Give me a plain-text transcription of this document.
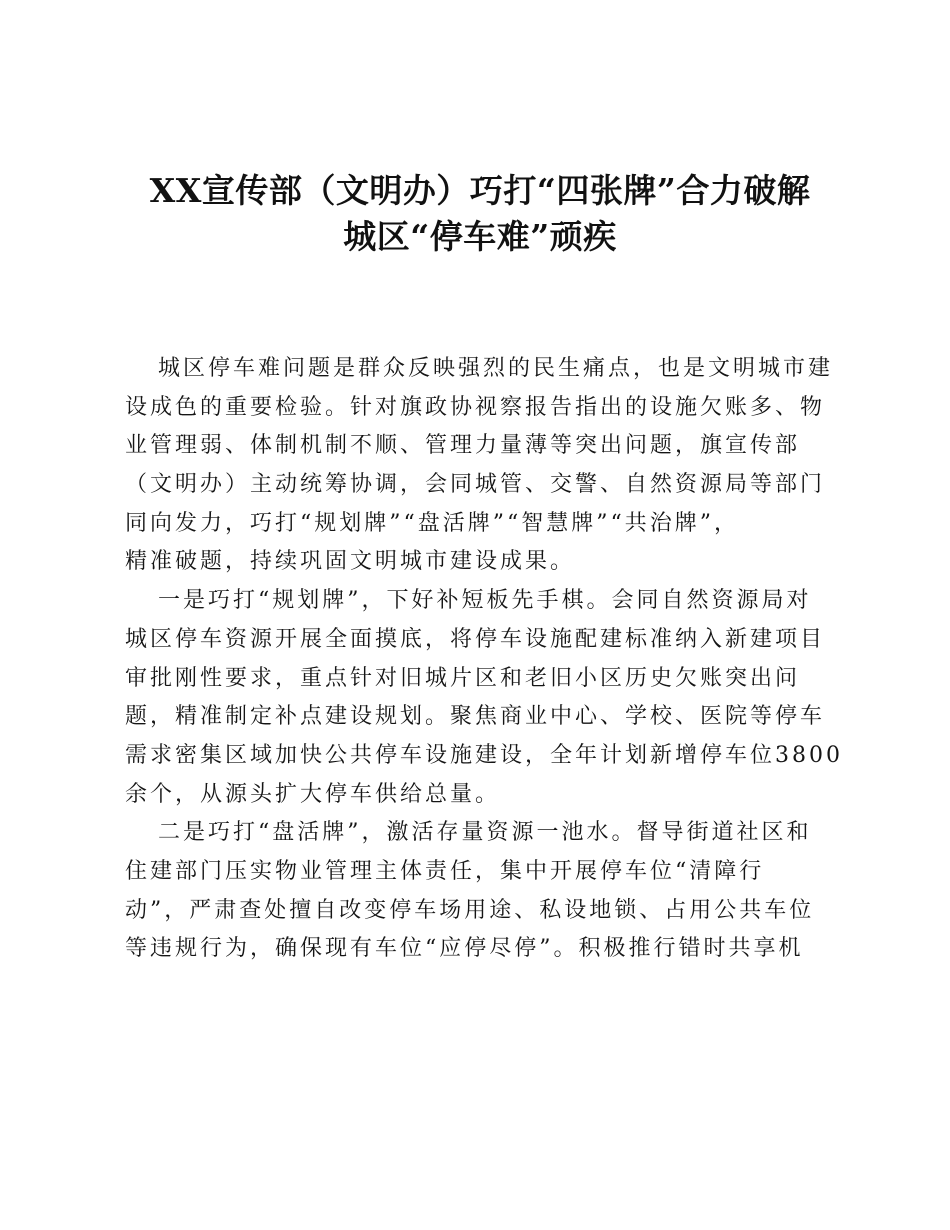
XX宣传部（文明办）巧打“四张牌”合力破解
城区“停车难”顽疾
城区停车难问题是群众反映强烈的民生痛点，也是文明城市建
设成色的重要检验。针对旗政协视察报告指出的设施欠账多、物
业管理弱、体制机制不顺、管理力量薄等突出问题，旗宣传部
（文明办）主动统筹协调，会同城管、交警、自然资源局等部门
同向发力，巧打“规划牌”“盘活牌”“智慧牌”“共治牌”，
精准破题，持续巩固文明城市建设成果。
一是巧打“规划牌”，下好补短板先手棋。会同自然资源局对
城区停车资源开展全面摸底，将停车设施配建标准纳入新建项目
审批刚性要求，重点针对旧城片区和老旧小区历史欠账突出问
题，精准制定补点建设规划。聚焦商业中心、学校、医院等停车
需求密集区域加快公共停车设施建设，全年计划新增停车位3800
余个，从源头扩大停车供给总量。
二是巧打“盘活牌”，激活存量资源一池水。督导街道社区和
住建部门压实物业管理主体责任，集中开展停车位“清障行
动”，严肃查处擅自改变停车场用途、私设地锁、占用公共车位
等违规行为，确保现有车位“应停尽停”。积极推行错时共享机
